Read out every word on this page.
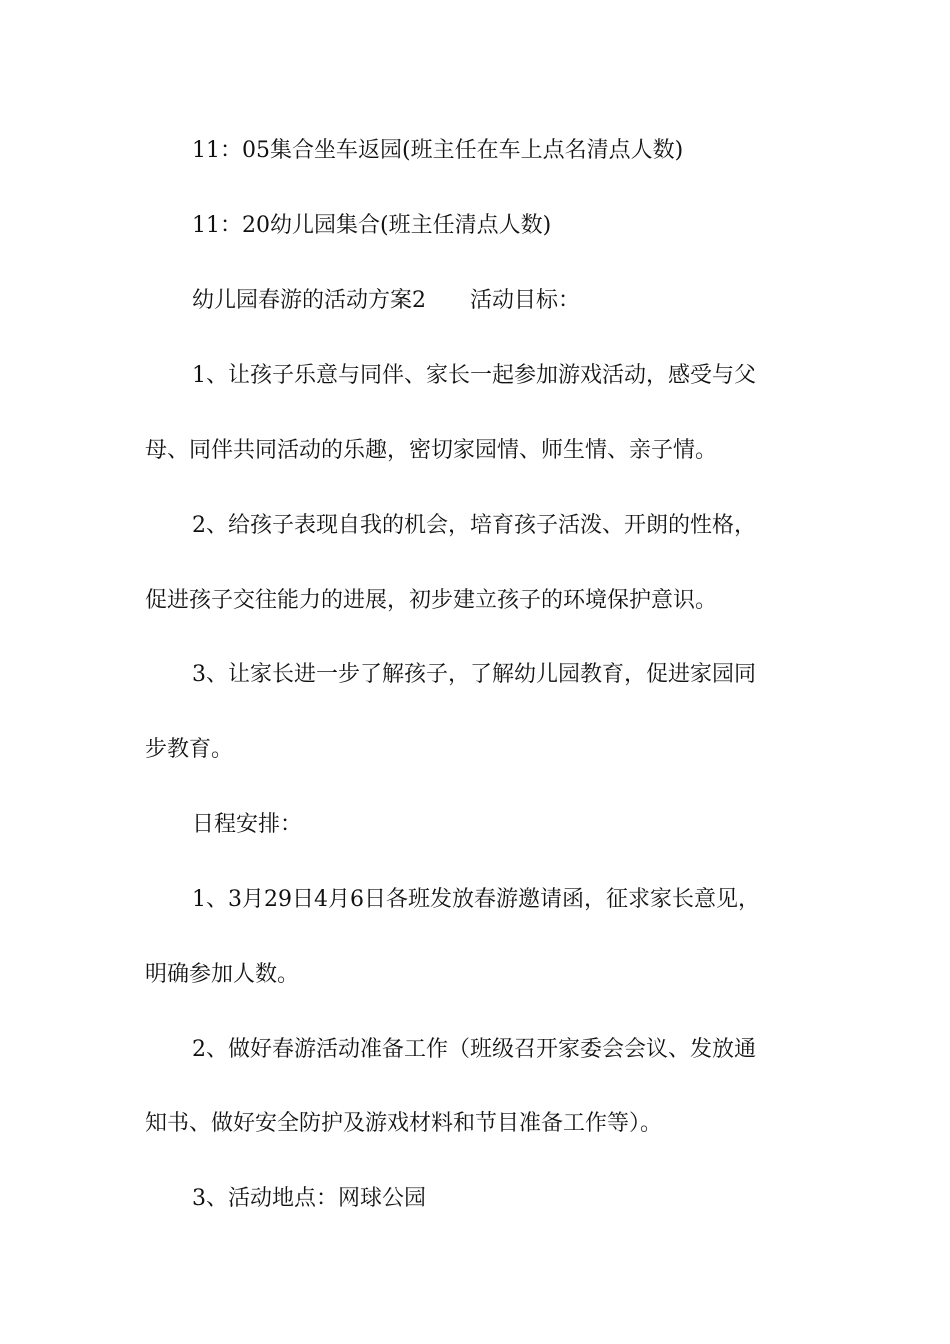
11：05集合坐车返园(班主任在车上点名清点人数)
11：20幼儿园集合(班主任清点人数)
幼儿园春游的活动方案2　　活动目标：
1、让孩子乐意与同伴、家长一起参加游戏活动，感受与父
母、同伴共同活动的乐趣，密切家园情、师生情、亲子情。
2、给孩子表现自我的机会，培育孩子活泼、开朗的性格，
促进孩子交往能力的进展，初步建立孩子的环境保护意识。
3、让家长进一步了解孩子，了解幼儿园教育，促进家园同
步教育。
日程安排：
1、3月29日4月6日各班发放春游邀请函，征求家长意见，
明确参加人数。
2、做好春游活动准备工作（班级召开家委会会议、发放通
知书、做好安全防护及游戏材料和节目准备工作等）。
3、活动地点：网球公园
